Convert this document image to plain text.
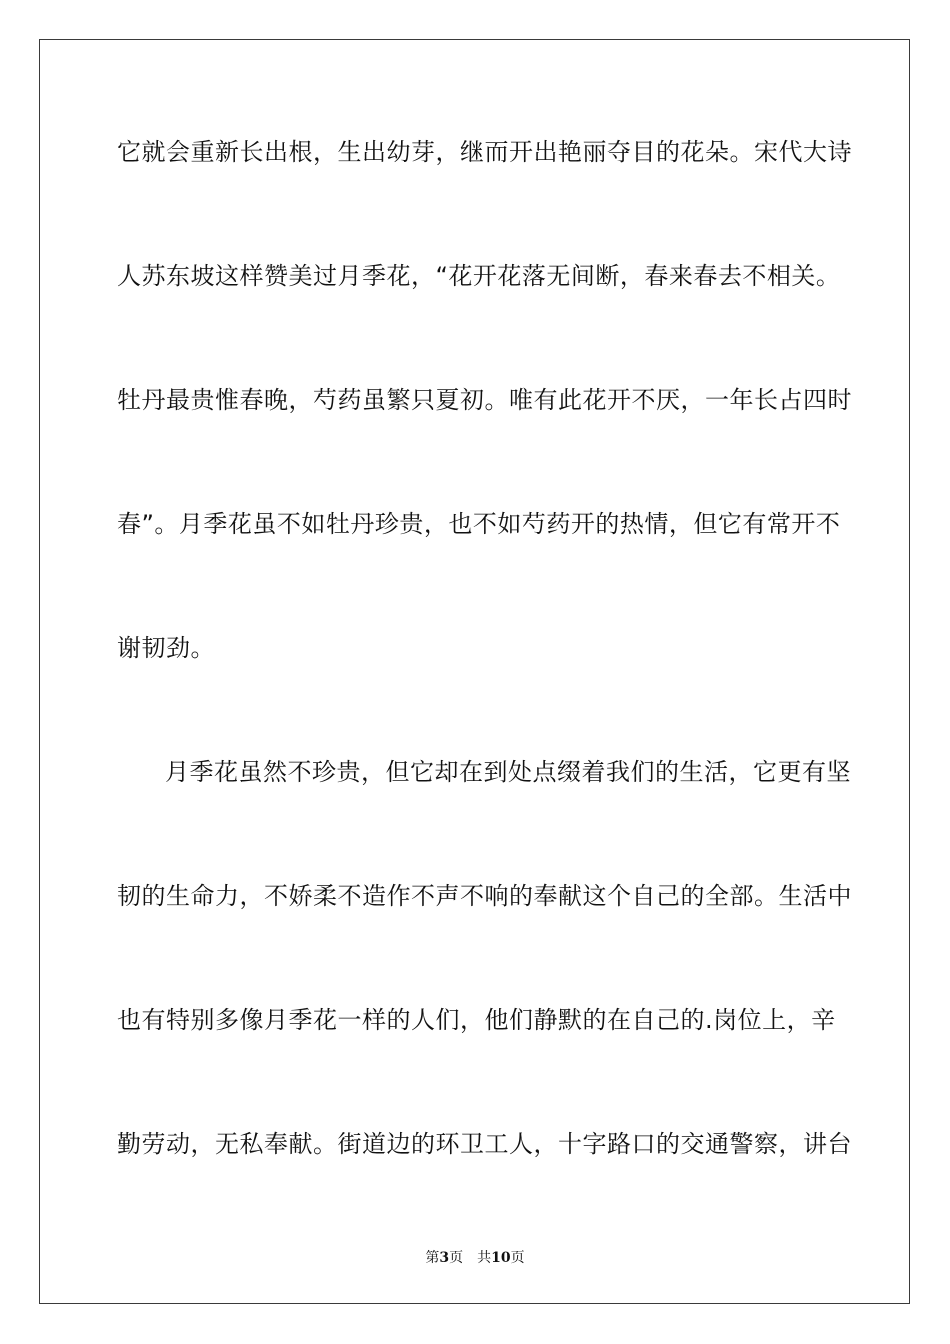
它就会重新长出根，生出幼芽，继而开出艳丽夺目的花朵。宋代大诗
人苏东坡这样赞美过月季花，“花开花落无间断，春来春去不相关。
牡丹最贵惟春晚，芍药虽繁只夏初。唯有此花开不厌，一年长占四时
春”。月季花虽不如牡丹珍贵，也不如芍药开的热情，但它有常开不
谢韧劲。
月季花虽然不珍贵，但它却在到处点缀着我们的生活，它更有坚
韧的生命力，不娇柔不造作不声不响的奉献这个自己的全部。生活中
也有特别多像月季花一样的人们，他们静默的在自己的.岗位上，辛
勤劳动，无私奉献。街道边的环卫工人，十字路口的交通警察，讲台
第3页 共10页
